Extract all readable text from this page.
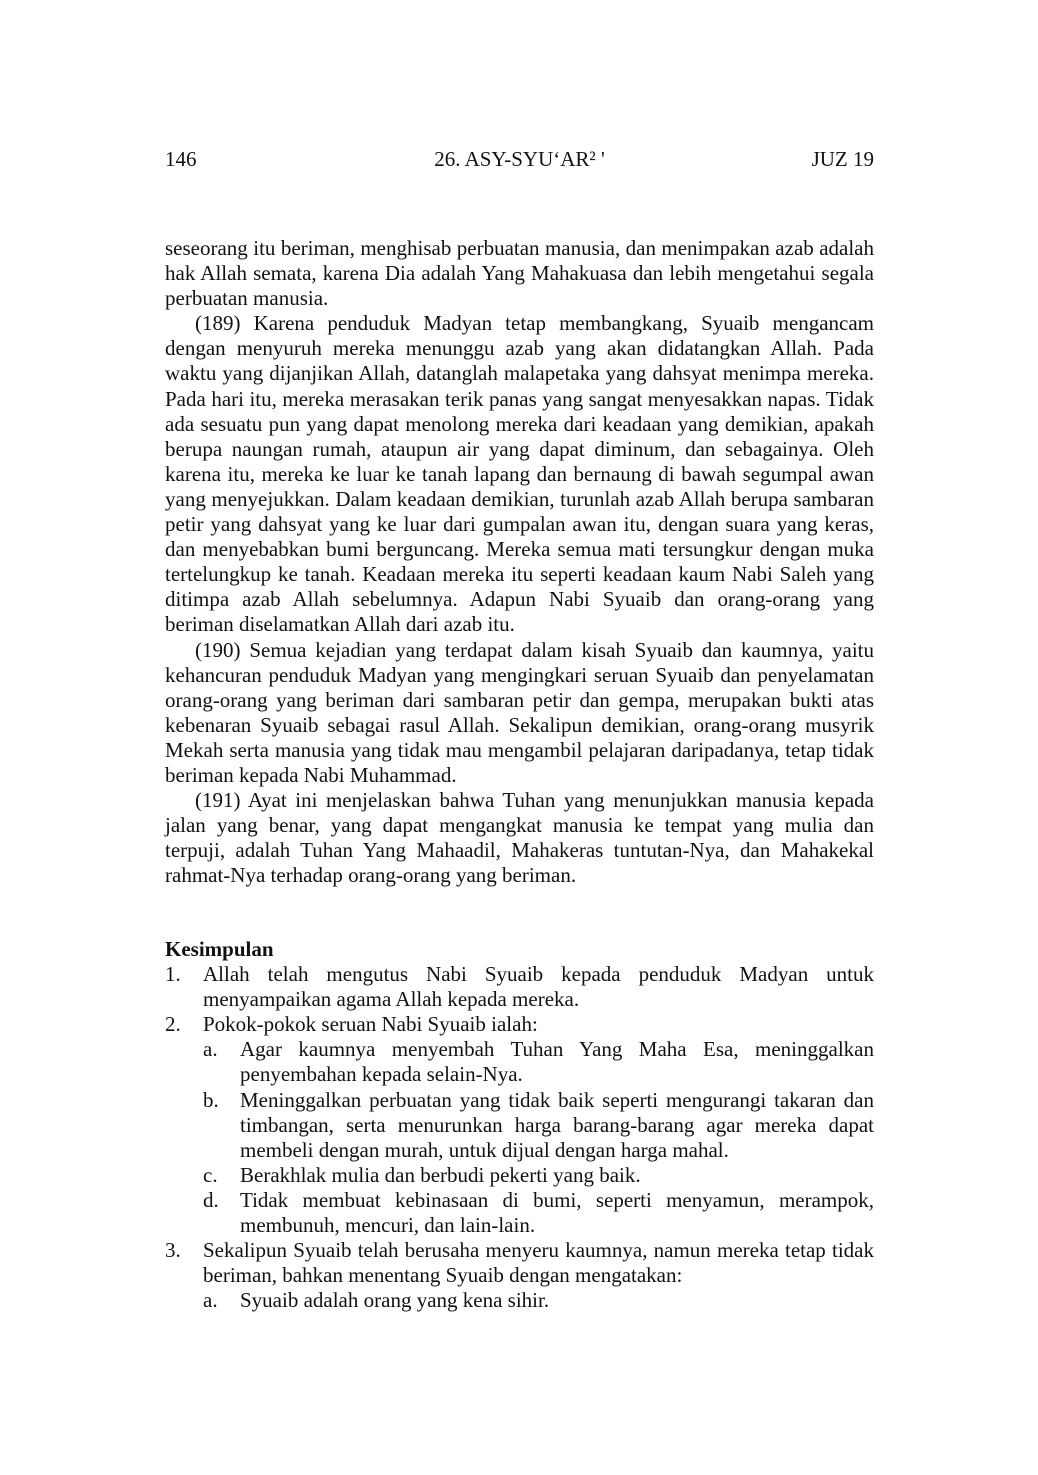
146	26. ASY-SYU‘AR² '	JUZ 19

seseorang itu beriman, menghisab perbuatan manusia, dan menimpakan azab adalah hak Allah semata, karena Dia adalah Yang Mahakuasa dan lebih mengetahui segala perbuatan manusia.

(189) Karena penduduk Madyan tetap membangkang, Syuaib mengancam dengan menyuruh mereka menunggu azab yang akan didatangkan Allah. Pada waktu yang dijanjikan Allah, datanglah malapetaka yang dahsyat menimpa mereka. Pada hari itu, mereka merasakan terik panas yang sangat menyesakkan napas. Tidak ada sesuatu pun yang dapat menolong mereka dari keadaan yang demikian, apakah berupa naungan rumah, ataupun air yang dapat diminum, dan sebagainya. Oleh karena itu, mereka ke luar ke tanah lapang dan bernaung di bawah segumpal awan yang menyejukkan. Dalam keadaan demikian, turunlah azab Allah berupa sambaran petir yang dahsyat yang ke luar dari gumpalan awan itu, dengan suara yang keras, dan menyebabkan bumi berguncang. Mereka semua mati tersungkur dengan muka tertelungkup ke tanah. Keadaan mereka itu seperti keadaan kaum Nabi Saleh yang ditimpa azab Allah sebelumnya. Adapun Nabi Syuaib dan orang-orang yang beriman diselamatkan Allah dari azab itu.

(190) Semua kejadian yang terdapat dalam kisah Syuaib dan kaumnya, yaitu kehancuran penduduk Madyan yang mengingkari seruan Syuaib dan penyelamatan orang-orang yang beriman dari sambaran petir dan gempa, merupakan bukti atas kebenaran Syuaib sebagai rasul Allah. Sekalipun demikian, orang-orang musyrik Mekah serta manusia yang tidak mau mengambil pelajaran daripadanya, tetap tidak beriman kepada Nabi Muhammad.

(191) Ayat ini menjelaskan bahwa Tuhan yang menunjukkan manusia kepada jalan yang benar, yang dapat mengangkat manusia ke tempat yang mulia dan terpuji, adalah Tuhan Yang Mahaadil, Mahakeras tuntutan-Nya, dan Mahakekal rahmat-Nya terhadap orang-orang yang beriman.

Kesimpulan
1. Allah telah mengutus Nabi Syuaib kepada penduduk Madyan untuk menyampaikan agama Allah kepada mereka.
2. Pokok-pokok seruan Nabi Syuaib ialah:
a. Agar kaumnya menyembah Tuhan Yang Maha Esa, meninggalkan penyembahan kepada selain-Nya.
b. Meninggalkan perbuatan yang tidak baik seperti mengurangi takaran dan timbangan, serta menurunkan harga barang-barang agar mereka dapat membeli dengan murah, untuk dijual dengan harga mahal.
c. Berakhlak mulia dan berbudi pekerti yang baik.
d. Tidak membuat kebinasaan di bumi, seperti menyamun, merampok, membunuh, mencuri, dan lain-lain.
3. Sekalipun Syuaib telah berusaha menyeru kaumnya, namun mereka tetap tidak beriman, bahkan menentang Syuaib dengan mengatakan:
a. Syuaib adalah orang yang kena sihir.
